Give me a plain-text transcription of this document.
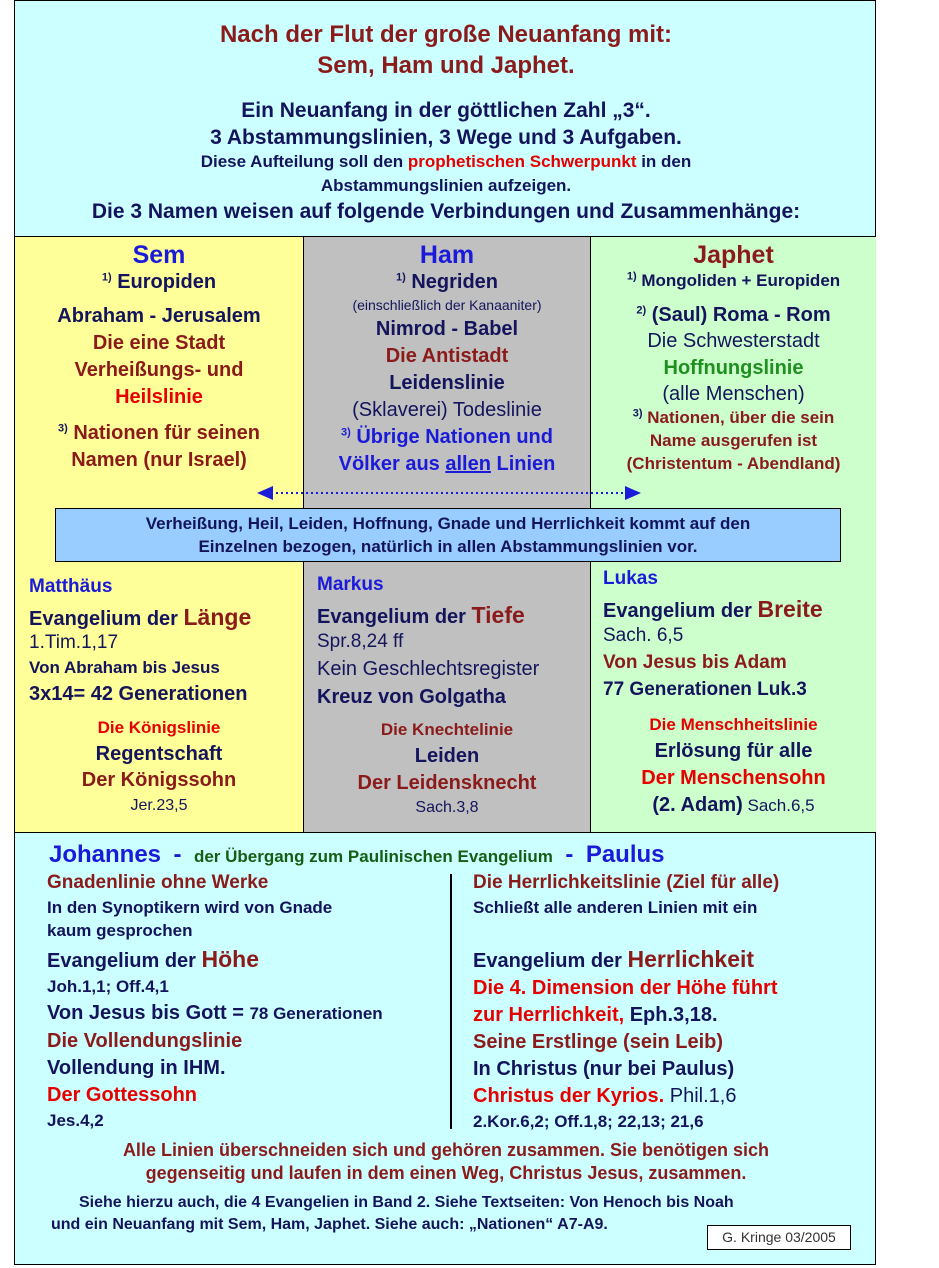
Nach der Flut der große Neuanfang mit:
Sem, Ham und Japhet.
Ein Neuanfang in der göttlichen Zahl „3“.
3 Abstammungslinien, 3 Wege und 3 Aufgaben.
Diese Aufteilung soll den prophetischen Schwerpunkt in den
Abstammungslinien aufzeigen.
Die 3 Namen weisen auf folgende Verbindungen und Zusammenhänge:
Sem
$^{1)}$ Europiden
Abraham - Jerusalem
Die eine Stadt
Verheißungs- und
Heilslinie
$^{3)}$ Nationen für seinen
Namen (nur Israel)
Ham
$^{1)}$ Negriden
(einschließlich der Kanaaniter)
Nimrod - Babel
Die Antistadt
Leidenslinie
(Sklaverei) Todeslinie
$^{3)}$ Übrige Nationen und
Völker aus allen Linien
Japhet
$^{1)}$ Mongoliden + Europiden
$^{2)}$ (Saul) Roma - Rom
Die Schwesterstadt
Hoffnungslinie
(alle Menschen)
$^{3)}$ Nationen, über die sein
Name ausgerufen ist
(Christentum - Abendland)
Verheißung, Heil, Leiden, Hoffnung, Gnade und Herrlichkeit kommt auf den
Einzelnen bezogen, natürlich in allen Abstammungslinien vor.
Matthäus
Evangelium der Länge
1.Tim.1,17
Von Abraham bis Jesus
3x14= 42 Generationen
Die Königslinie
Regentschaft
Der Königssohn
Jer.23,5
Markus
Evangelium der Tiefe
Spr.8,24 ff
Kein Geschlechtsregister
Kreuz von Golgatha
Die Knechtelinie
Leiden
Der Leidensknecht
Sach.3,8
Lukas
Evangelium der Breite
Sach. 6,5
Von Jesus bis Adam
77 Generationen Luk.3
Die Menschheitslinie
Erlösung für alle
Der Menschensohn
(2. Adam) Sach.6,5
Johannes - der Übergang zum Paulinischen Evangelium - Paulus
Gnadenlinie ohne Werke
In den Synoptikern wird von Gnade
kaum gesprochen
Evangelium der Höhe
Joh.1,1; Off.4,1
Von Jesus bis Gott = 78 Generationen
Die Vollendungslinie
Vollendung in IHM.
Der Gottessohn
Jes.4,2
Die Herrlichkeitslinie (Ziel für alle)
Schließt alle anderen Linien mit ein
Evangelium der Herrlichkeit
Die 4. Dimension der Höhe führt
zur Herrlichkeit, Eph.3,18.
Seine Erstlinge (sein Leib)
In Christus (nur bei Paulus)
Christus der Kyrios. Phil.1,6
2.Kor.6,2; Off.1,8; 22,13; 21,6
Alle Linien überschneiden sich und gehören zusammen. Sie benötigen sich
gegenseitig und laufen in dem einen Weg, Christus Jesus, zusammen.
Siehe hierzu auch, die 4 Evangelien in Band 2. Siehe Textseiten: Von Henoch bis Noah
und ein Neuanfang mit Sem, Ham, Japhet. Siehe auch: „Nationen“ A7-A9.
G. Kringe 03/2005
